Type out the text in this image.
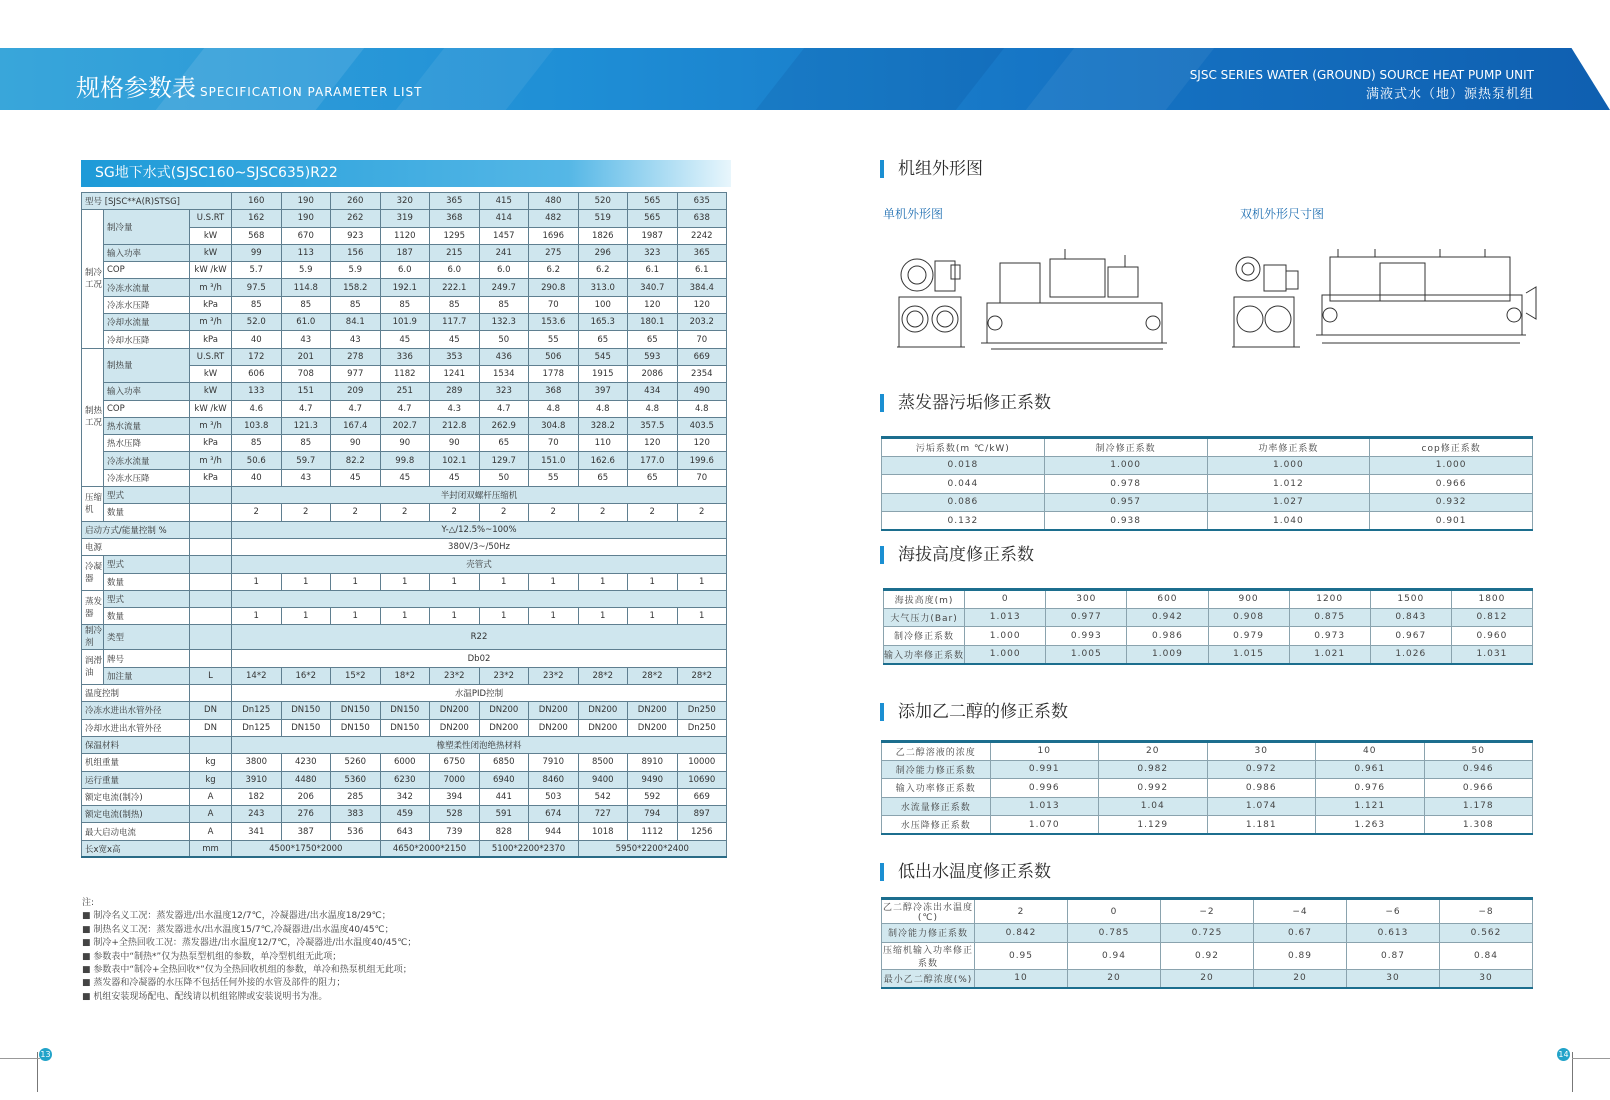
规格参数表 SPECIFICATION PARAMETER LIST
SJSC SERIES WATER (GROUND) SOURCE HEAT PUMP UNIT
满液式水（地）源热泵机组
SG地下水式(SJSC160~SJSC635)R22
型号 [SJSC**A(R)STSG]			160	190	260	320	365	415	480	520	565	635
制冷工况	制冷量	U.S.RT	162	190	262	319	368	414	482	519	565	638
		kW	568	670	923	1120	1295	1457	1696	1826	1987	2242
	输入功率	kW	99	113	156	187	215	241	275	296	323	365
	COP	kW /kW	5.7	5.9	5.9	6.0	6.0	6.0	6.2	6.2	6.1	6.1
	冷冻水流量	m ³/h	97.5	114.8	158.2	192.1	222.1	249.7	290.8	313.0	340.7	384.4
	冷冻水压降	kPa	85	85	85	85	85	85	70	100	120	120
	冷却水流量	m ³/h	52.0	61.0	84.1	101.9	117.7	132.3	153.6	165.3	180.1	203.2
	冷却水压降	kPa	40	43	43	45	45	50	55	65	65	70
制热工况	制热量	U.S.RT	172	201	278	336	353	436	506	545	593	669
		kW	606	708	977	1182	1241	1534	1778	1915	2086	2354
	输入功率	kW	133	151	209	251	289	323	368	397	434	490
	COP	kW /kW	4.6	4.7	4.7	4.7	4.3	4.7	4.8	4.8	4.8	4.8
	热水流量	m ³/h	103.8	121.3	167.4	202.7	212.8	262.9	304.8	328.2	357.5	403.5
	热水压降	kPa	85	85	90	90	90	65	70	110	120	120
	冷冻水流量	m ³/h	50.6	59.7	82.2	99.8	102.1	129.7	151.0	162.6	177.0	199.6
	冷冻水压降	kPa	40	43	45	45	45	50	55	65	65	70
压缩机	型式		半封闭双螺杆压缩机									
	数量		2	2	2	2	2	2	2	2	2	2
启动方式/能量控制 %			Y-△/12.5%~100%									
电源			380V/3~/50Hz									
冷凝器	型式		壳管式									
	数量		1	1	1	1	1	1	1	1	1	1
蒸发器	型式											
	数量		1	1	1	1	1	1	1	1	1	1
制冷剂	类型		R22									
润滑油	牌号		Db02									
	加注量	L	14*2	16*2	15*2	18*2	23*2	23*2	23*2	28*2	28*2	28*2
温度控制			水温PID控制									
冷冻水进出水管外径		DN	Dn125	DN150	DN150	DN150	DN200	DN200	DN200	DN200	DN200	Dn250
冷却水进出水管外径		DN	Dn125	DN150	DN150	DN150	DN200	DN200	DN200	DN200	DN200	Dn250
保温材料			橡塑柔性闭泡绝热材料									
机组重量		kg	3800	4230	5260	6000	6750	6850	7910	8500	8910	10000
运行重量		kg	3910	4480	5360	6230	7000	6940	8460	9400	9490	10690
额定电流(制冷)		A	182	206	285	342	394	441	503	542	592	669
额定电流(制热)		A	243	276	383	459	528	591	674	727	794	897
最大启动电流		A	341	387	536	643	739	828	944	1018	1112	1256
长x宽x高		mm	4500*1750*2000			4650*2000*2150		5100*2200*2370		5950*2200*2400		
注:
■ 制冷名义工况：蒸发器进/出水温度12/7℃，冷凝器进/出水温度18/29℃；
■ 制热名义工况：蒸发器进水/出水温度15/7℃,冷凝器进/出水温度40/45℃；
■ 制冷+全热回收工况：蒸发器进/出水温度12/7℃，冷凝器进/出水温度40/45℃；
■ 参数表中“制热*”仅为热泵型机组的参数，单冷型机组无此项；
■ 参数表中“制冷+全热回收*”仅为全热回收机组的参数，单冷和热泵机组无此项；
■ 蒸发器和冷凝器的水压降不包括任何外接的水管及部件的阻力；
■ 机组安装现场配电、配线请以机组铭牌或安装说明书为准。
机组外形图
单机外形图	双机外形尺寸图
蒸发器污垢修正系数
污垢系数(m ℃/kW)	制冷修正系数	功率修正系数	cop修正系数
0.018	1.000	1.000	1.000
0.044	0.978	1.012	0.966
0.086	0.957	1.027	0.932
0.132	0.938	1.040	0.901
海拔高度修正系数
海拔高度(m)	0	300	600	900	1200	1500	1800
大气压力(Bar)	1.013	0.977	0.942	0.908	0.875	0.843	0.812
制冷修正系数	1.000	0.993	0.986	0.979	0.973	0.967	0.960
输入功率修正系数	1.000	1.005	1.009	1.015	1.021	1.026	1.031
添加乙二醇的修正系数
乙二醇溶液的浓度	10	20	30	40	50
制冷能力修正系数	0.991	0.982	0.972	0.961	0.946
输入功率修正系数	0.996	0.992	0.986	0.976	0.966
水流量修正系数	1.013	1.04	1.074	1.121	1.178
水压降修正系数	1.070	1.129	1.181	1.263	1.308
低出水温度修正系数
乙二醇冷冻出水温度(℃)	2	0	−2	−4	−6	−8
制冷能力修正系数	0.842	0.785	0.725	0.67	0.613	0.562
压缩机输入功率修正系数	0.95	0.94	0.92	0.89	0.87	0.84
最小乙二醇浓度(%)	10	20	20	20	30	30
13	14
